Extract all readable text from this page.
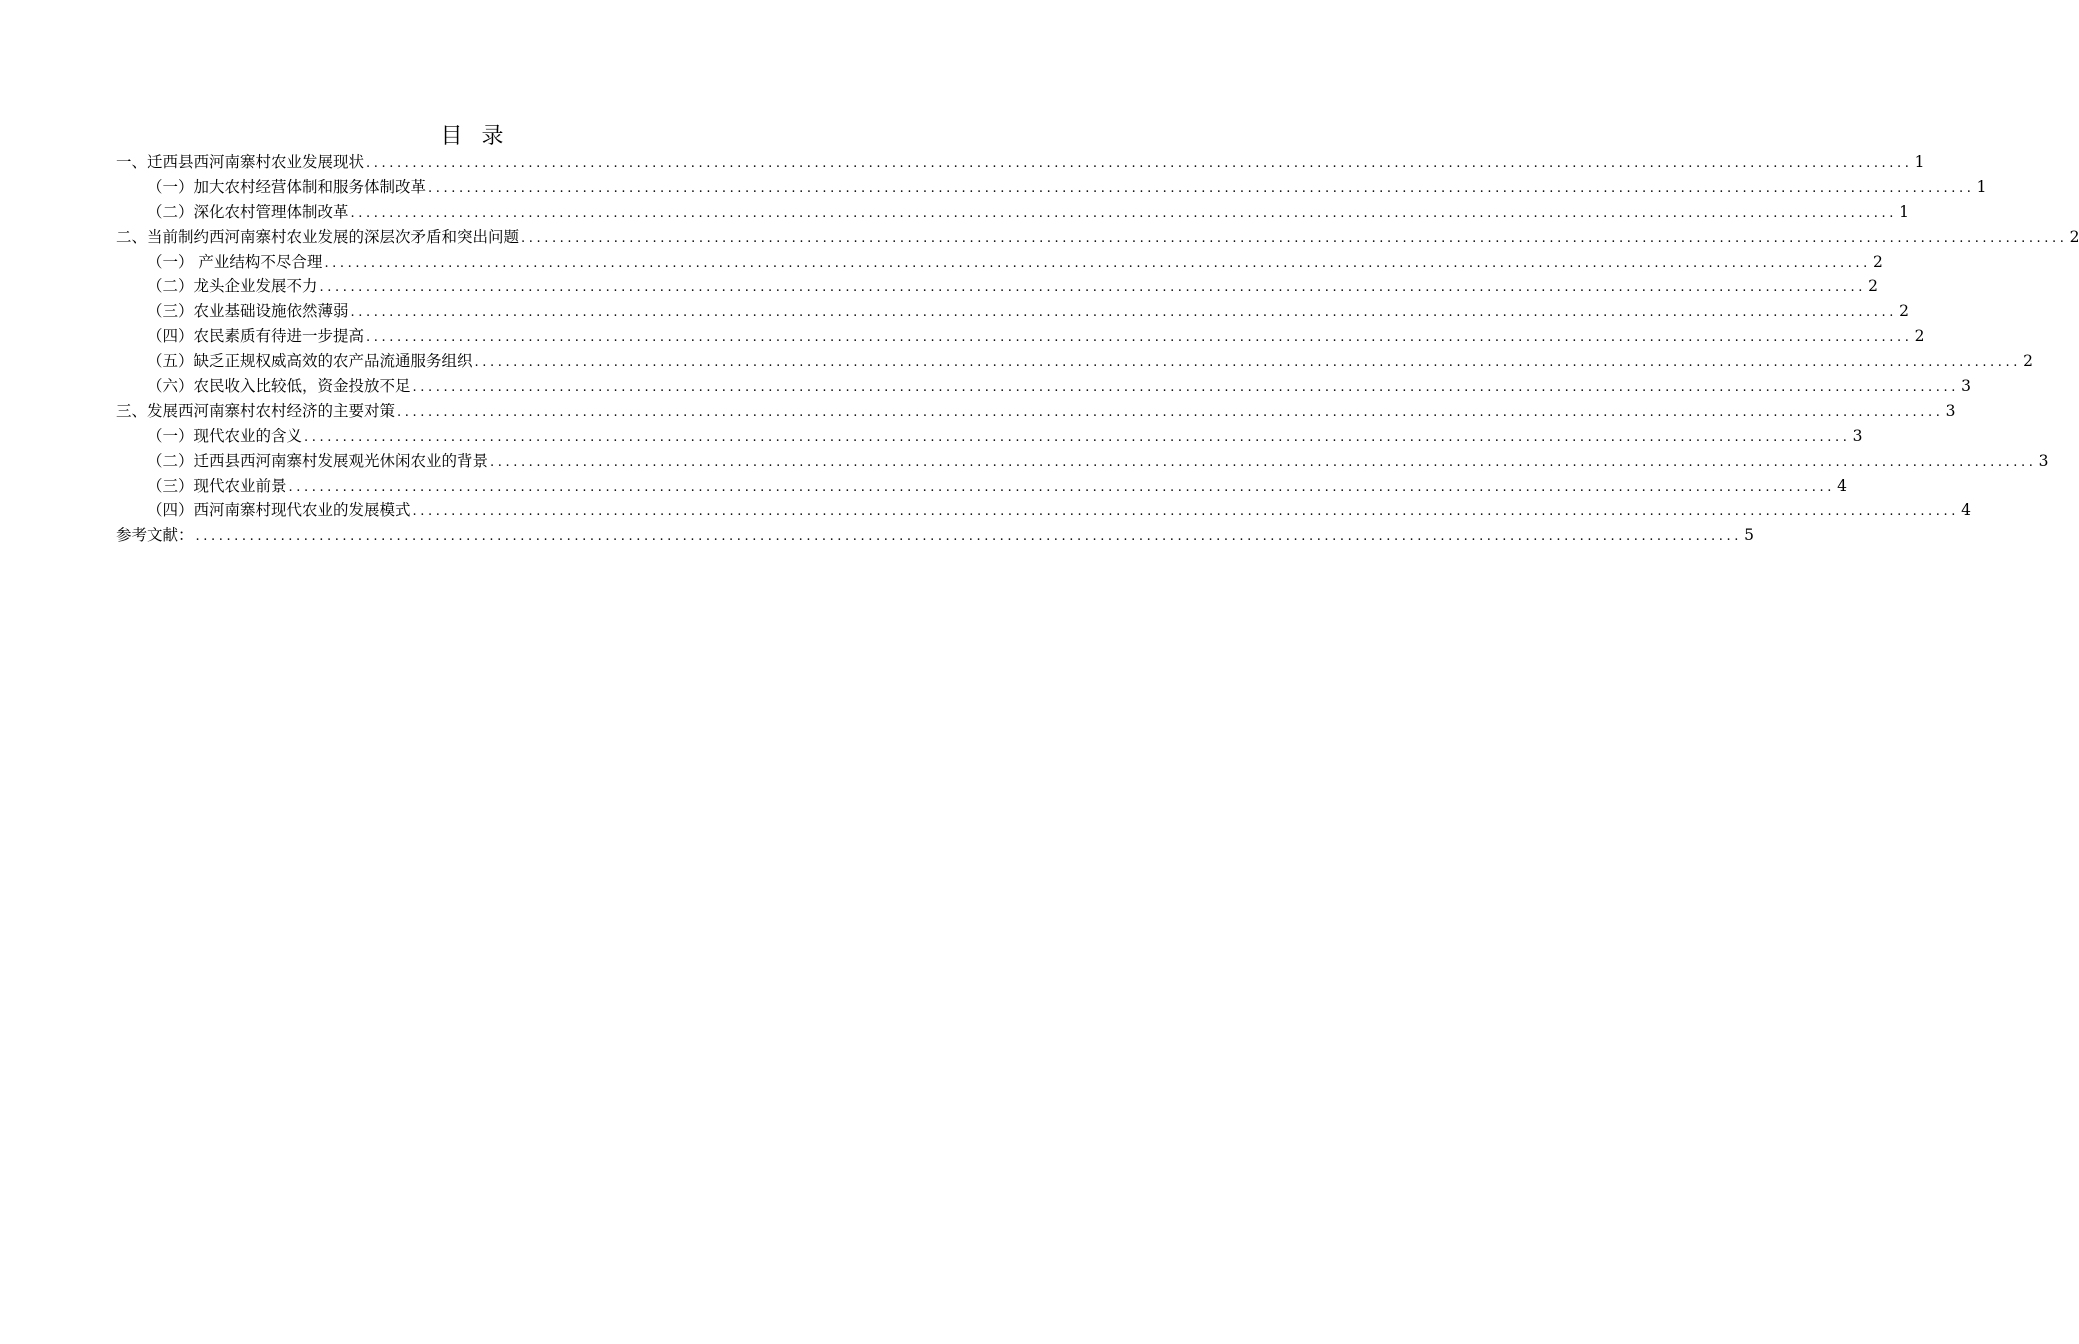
目 录
一、迁西县西河南寨村农业发展现状 ........................................................................................................................................................................................................ 1
（一）加大农村经营体制和服务体制改革 ........................................................................................................................................................................................................ 1
（二）深化农村管理体制改革 ........................................................................................................................................................................................................ 1
二、当前制约西河南寨村农业发展的深层次矛盾和突出问题 ........................................................................................................................................................................................................ 2
（一） 产业结构不尽合理 ........................................................................................................................................................................................................ 2
（二）龙头企业发展不力 ........................................................................................................................................................................................................ 2
（三）农业基础设施依然薄弱 ........................................................................................................................................................................................................ 2
（四）农民素质有待进一步提高 ........................................................................................................................................................................................................ 2
（五）缺乏正规权威高效的农产品流通服务组织 ........................................................................................................................................................................................................ 2
（六）农民收入比较低，资金投放不足 ........................................................................................................................................................................................................ 3
三、发展西河南寨村农村经济的主要对策 ........................................................................................................................................................................................................ 3
（一）现代农业的含义 ........................................................................................................................................................................................................ 3
（二）迁西县西河南寨村发展观光休闲农业的背景 ........................................................................................................................................................................................................ 3
（三）现代农业前景 ........................................................................................................................................................................................................ 4
（四）西河南寨村现代农业的发展模式 ........................................................................................................................................................................................................ 4
参考文献： ........................................................................................................................................................................................................ 5
